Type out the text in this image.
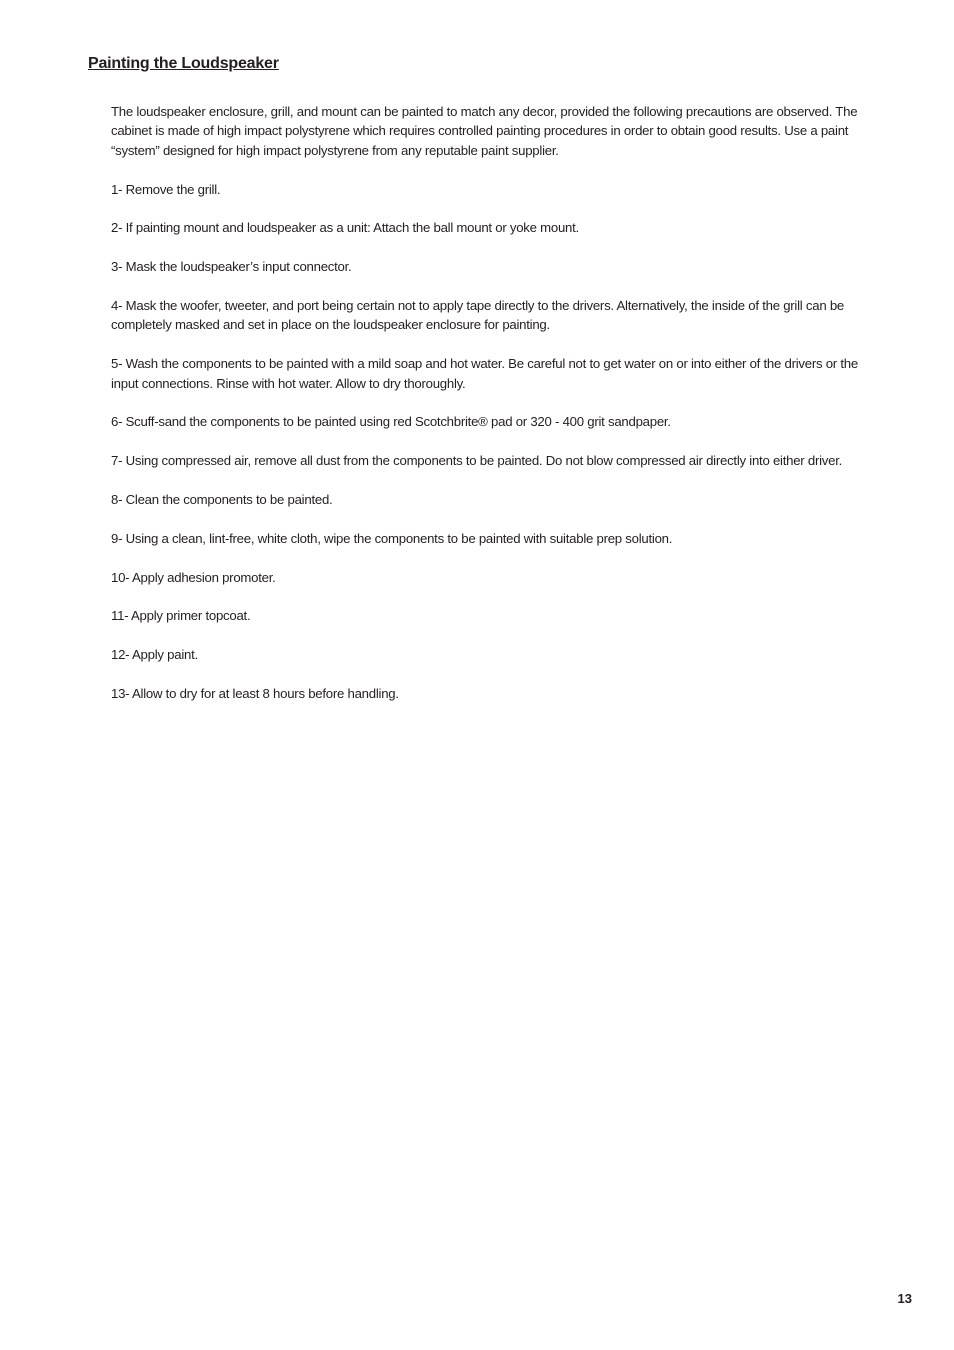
Painting the Loudspeaker

The loudspeaker enclosure, grill, and mount can be painted to match any decor, provided the following precautions are observed. The cabinet is made of high impact polystyrene which requires controlled painting procedures in order to obtain good results. Use a paint “system” designed for high impact polystyrene from any reputable paint supplier.

1- Remove the grill.

2- If painting mount and loudspeaker as a unit: Attach the ball mount or yoke mount.

3- Mask the loudspeaker’s input connector.

4- Mask the woofer, tweeter, and port being certain not to apply tape directly to the drivers. Alternatively, the inside of the grill can be completely masked and set in place on the loudspeaker enclosure for painting.

5- Wash the components to be painted with a mild soap and hot water. Be careful not to get water on or into either of the drivers or the input connections. Rinse with hot water. Allow to dry thoroughly.

6- Scuff-sand the components to be painted using red Scotchbrite® pad or 320 - 400 grit sandpaper.

7- Using compressed air, remove all dust from the components to be painted. Do not blow compressed air directly into either driver.

8- Clean the components to be painted.

9- Using a clean, lint-free, white cloth, wipe the components to be painted with suitable prep solution.

10- Apply adhesion promoter.

11- Apply primer topcoat.

12- Apply paint.

13- Allow to dry for at least 8 hours before handling.

13
